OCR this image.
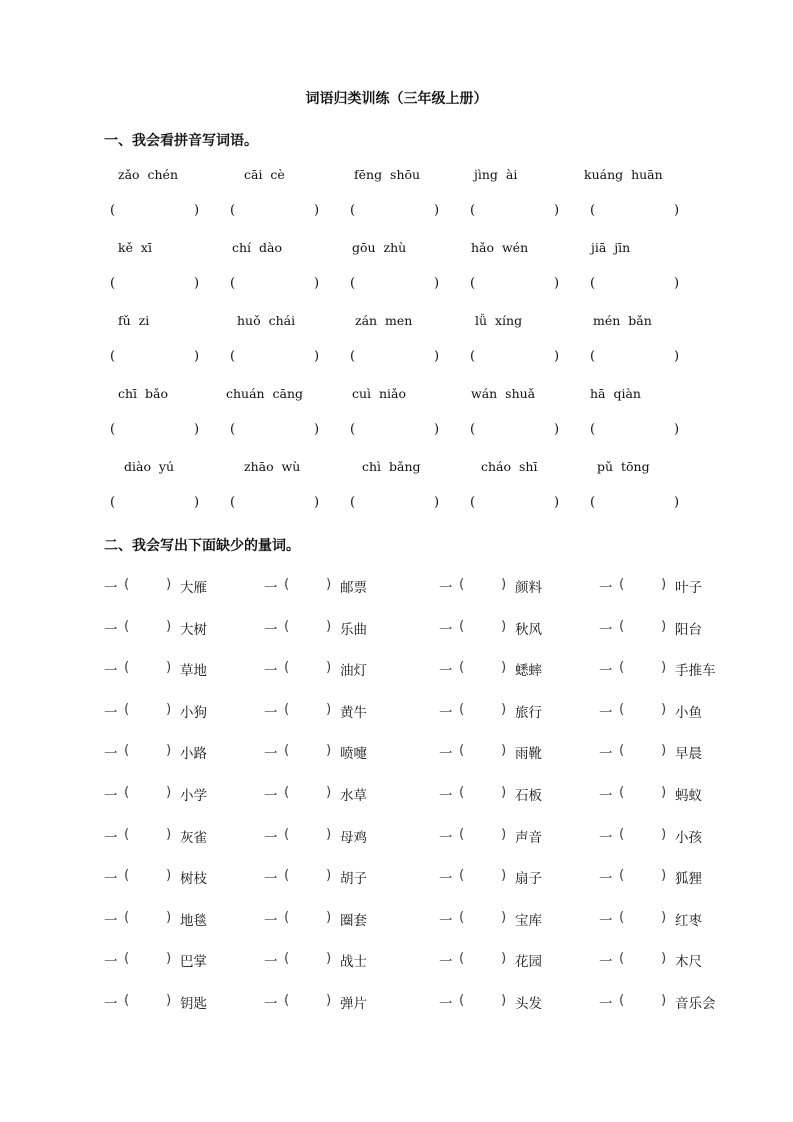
词语归类训练（三年级上册）
一、我会看拼音写词语。
zǎo  chén	cāi  cè	fēng  shōu	jìng  ài	kuáng  huān
(	) (	) (	) (	) (	)
kě  xī	chí  dào	gōu  zhù	hǎo  wén	jiā  jīn
(	) (	) (	) (	) (	)
fǔ  zi	huǒ  chái	zán  men	lǚ  xíng	mén  bǎn
(	) (	) (	) (	) (	)
chī  bǎo	chuán  cāng	cuì  niǎo	wán  shuǎ	hā  qiàn
(	) (	) (	) (	) (	)
diào  yú	zhāo  wù	chì  bǎng	cháo  shī	pǔ  tōng
(	) (	) (	) (	) (	)
二、我会写出下面缺少的量词。
一 (	) 大雁	一 (	) 邮票	一 (	) 颜料	一 (	) 叶子
一 (	) 大树	一 (	) 乐曲	一 (	) 秋风	一 (	) 阳台
一 (	) 草地	一 (	) 油灯	一 (	) 蟋蟀	一 (	) 手推车
一 (	) 小狗	一 (	) 黄牛	一 (	) 旅行	一 (	) 小鱼
一 (	) 小路	一 (	) 喷嚏	一 (	) 雨靴	一 (	) 早晨
一 (	) 小学	一 (	) 水草	一 (	) 石板	一 (	) 蚂蚁
一 (	) 灰雀	一 (	) 母鸡	一 (	) 声音	一 (	) 小孩
一 (	) 树枝	一 (	) 胡子	一 (	) 扇子	一 (	) 狐狸
一 (	) 地毯	一 (	) 圈套	一 (	) 宝库	一 (	) 红枣
一 (	) 巴掌	一 (	) 战士	一 (	) 花园	一 (	) 木尺
一 (	) 钥匙	一 (	) 弹片	一 (	) 头发	一 (	) 音乐会
